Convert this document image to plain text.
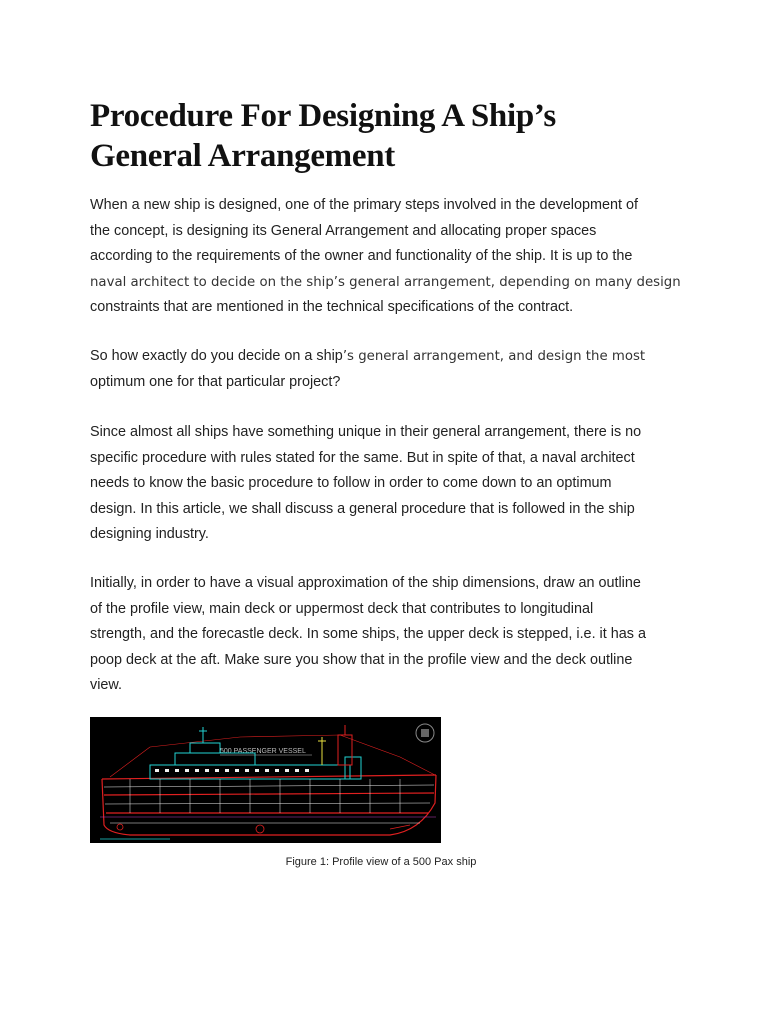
Procedure For Designing A Ship’s
General Arrangement

When a new ship is designed, one of the primary steps involved in the development of
the concept, is designing its General Arrangement and allocating proper spaces
according to the requirements of the owner and functionality of the ship. It is up to the
naval architect to decide on the ship’s general arrangement, depending on many design
constraints that are mentioned in the technical specifications of the contract.

So how exactly do you decide on a ship’s general arrangement, and design the most
optimum one for that particular project?

Since almost all ships have something unique in their general arrangement, there is no
specific procedure with rules stated for the same. But in spite of that, a naval architect
needs to know the basic procedure to follow in order to come down to an optimum
design. In this article, we shall discuss a general procedure that is followed in the ship
designing industry.

Initially, in order to have a visual approximation of the ship dimensions, draw an outline
of the profile view, main deck or uppermost deck that contributes to longitudinal
strength, and the forecastle deck. In some ships, the upper deck is stepped, i.e. it has a
poop deck at the aft. Make sure you show that in the profile view and the deck outline
view.

500 PASSENGER VESSEL
Figure 1: Profile view of a 500 Pax ship
